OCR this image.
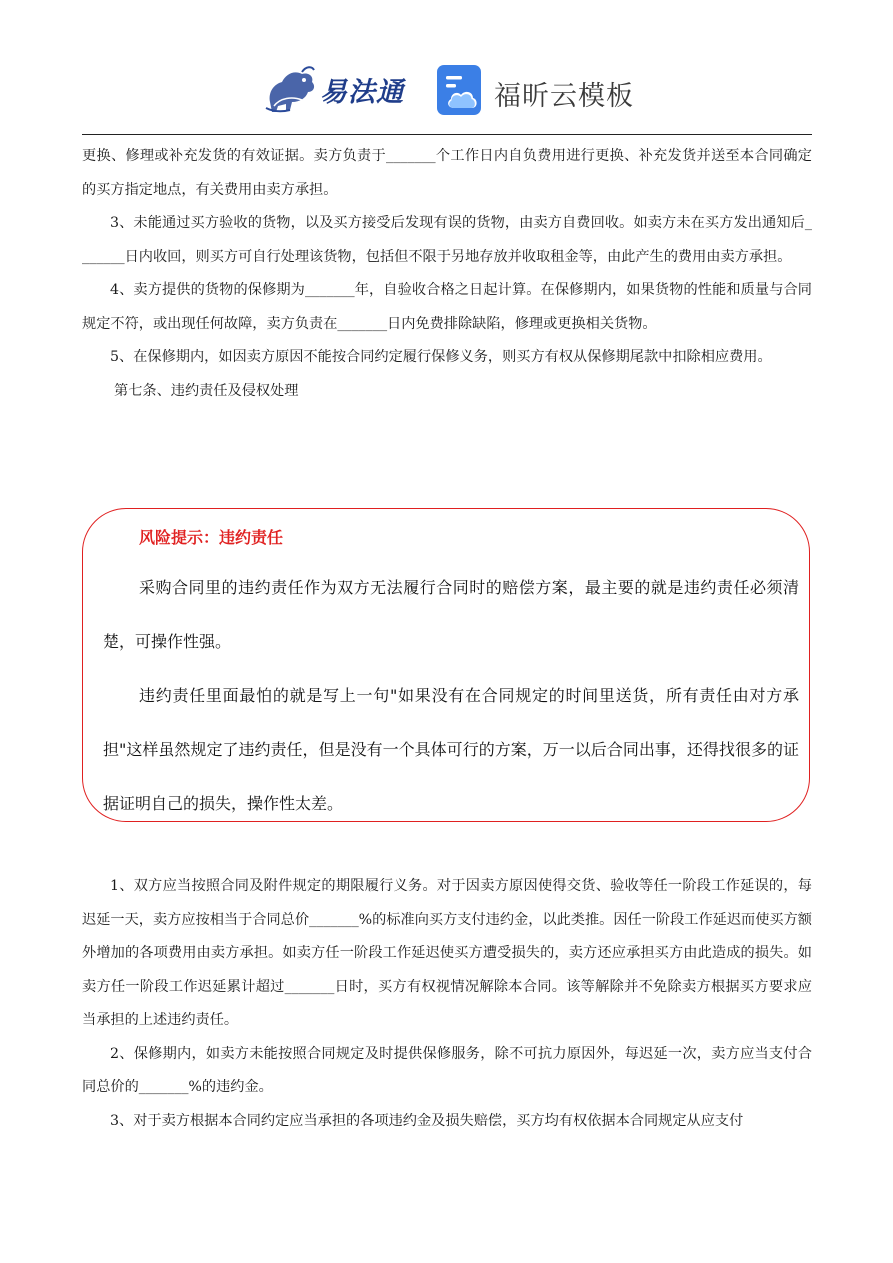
易法通	福昕云模板

更换、修理或补充发货的有效证据。卖方负责于_______个工作日内自负费用进行更换、补充发货并送至本合同确定的买方指定地点，有关费用由卖方承担。

3、未能通过买方验收的货物，以及买方接受后发现有误的货物，由卖方自费回收。如卖方未在买方发出通知后_______日内收回，则买方可自行处理该货物，包括但不限于另地存放并收取租金等，由此产生的费用由卖方承担。

4、卖方提供的货物的保修期为_______年，自验收合格之日起计算。在保修期内，如果货物的性能和质量与合同规定不符，或出现任何故障，卖方负责在_______日内免费排除缺陷，修理或更换相关货物。

5、在保修期内，如因卖方原因不能按合同约定履行保修义务，则买方有权从保修期尾款中扣除相应费用。

第七条、违约责任及侵权处理

风险提示：违约责任

采购合同里的违约责任作为双方无法履行合同时的赔偿方案，最主要的就是违约责任必须清楚，可操作性强。

违约责任里面最怕的就是写上一句"如果没有在合同规定的时间里送货，所有责任由对方承担"这样虽然规定了违约责任，但是没有一个具体可行的方案，万一以后合同出事，还得找很多的证据证明自己的损失，操作性太差。

1、双方应当按照合同及附件规定的期限履行义务。对于因卖方原因使得交货、验收等任一阶段工作延误的，每迟延一天，卖方应按相当于合同总价_______%的标准向买方支付违约金，以此类推。因任一阶段工作延迟而使买方额外增加的各项费用由卖方承担。如卖方任一阶段工作延迟使买方遭受损失的，卖方还应承担买方由此造成的损失。如卖方任一阶段工作迟延累计超过_______日时，买方有权视情况解除本合同。该等解除并不免除卖方根据买方要求应当承担的上述违约责任。

2、保修期内，如卖方未能按照合同规定及时提供保修服务，除不可抗力原因外，每迟延一次，卖方应当支付合同总价的_______%的违约金。

3、对于卖方根据本合同约定应当承担的各项违约金及损失赔偿，买方均有权依据本合同规定从应支付
